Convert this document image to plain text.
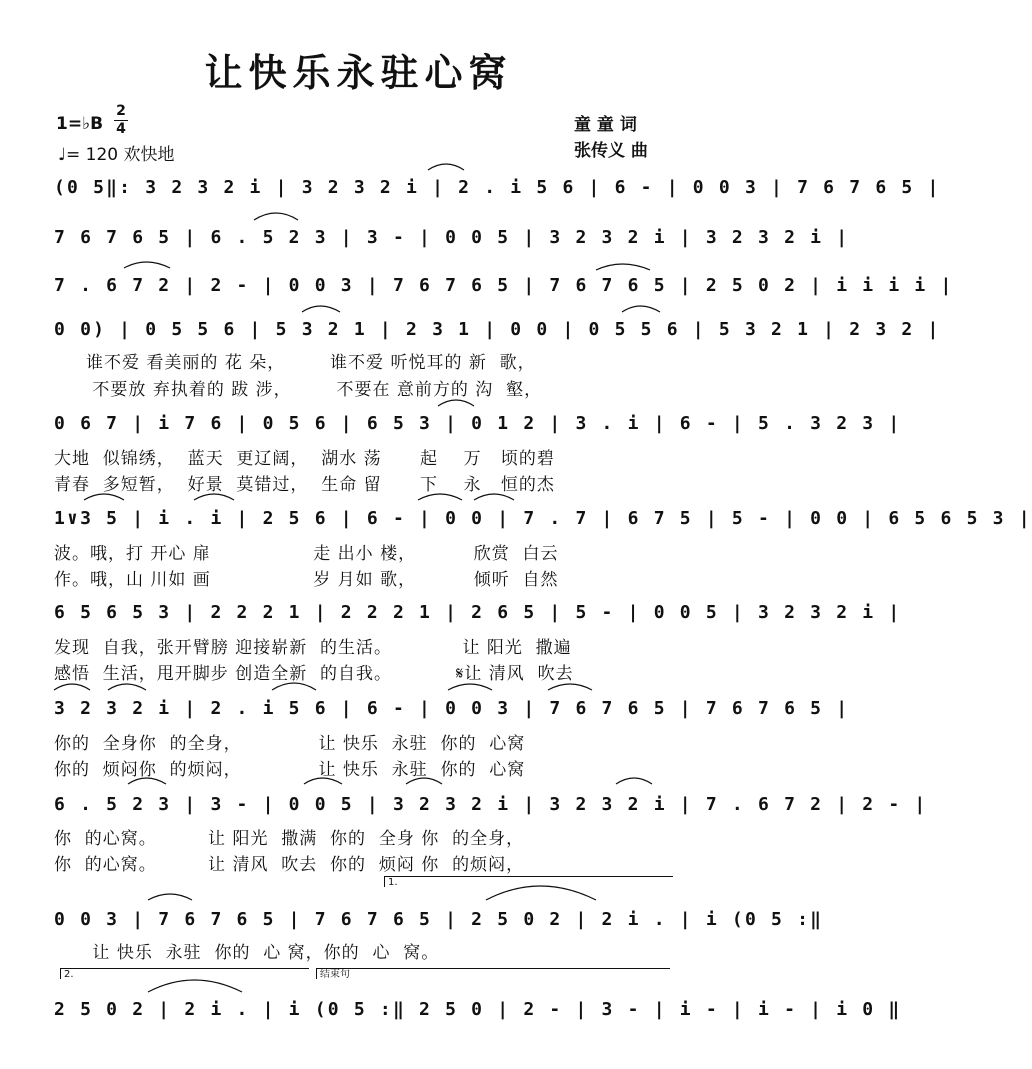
让快乐永驻心窝
1=♭B
2
4
♩= 120 欢快地
童 童 词
张传义 曲
(0 5‖: 3 2 3 2 i | 3 2 3 2 i | 2 . i 5 6 | 6 - | 0 0 3 | 7 6 7 6 5 |
7 6 7 6 5 | 6 . 5 2 3 | 3 - | 0 0 5 | 3 2 3 2 i | 3 2 3 2 i |
7 . 6 7 2 | 2 - | 0 0 3 | 7 6 7 6 5 | 7 6 7 6 5 | 2 5 0 2 | i i i i |
0 0) | 0 5 5 6 | 5 3 2 1 | 2 3 1 | 0 0 | 0 5 5 6 | 5 3 2 1 | 2 3 2 |
谁不爱 看美丽的 花 朵，       谁不爱 听悦耳的 新  歌，
不要放 弃执着的 跋 涉，       不要在 意前方的 沟  壑，
0 6 7 | i 7 6 | 0 5 6 | 6 5 3 | 0 1 2 | 3 . i | 6 - | 5 . 3 2 3 |
大地  似锦绣，  蓝天  更辽阔，  湖水 荡      起    万   顷的碧
青春  多短暂，  好景  莫错过，  生命 留      下    永   恒的杰
1∨3 5 | i . i | 2 5 6 | 6 - | 0 0 | 7 . 7 | 6 7 5 | 5 - | 0 0 | 6 5 6 5 3 |
波。哦，打 开心 扉                走 出小 楼，         欣赏  白云
作。哦，山 川如 画                岁 月如 歌，         倾听  自然
6 5 6 5 3 | 2 2 2 1 | 2 2 2 1 | 2 6 5 | 5 - | 0 0 5 | 3 2 3 2 i |
发现  自我，张开臂膀 迎接崭新  的生活。           让 阳光  撒遍
感悟  生活，甩开脚步 创造全新  的自我。          𝄋让 清风  吹去
3 2 3 2 i | 2 . i 5 6 | 6 - | 0 0 3 | 7 6 7 6 5 | 7 6 7 6 5 |
你的  全身你  的全身，            让 快乐  永驻  你的  心窝
你的  烦闷你  的烦闷，            让 快乐  永驻  你的  心窝
6 . 5 2 3 | 3 - | 0 0 5 | 3 2 3 2 i | 3 2 3 2 i | 7 . 6 7 2 | 2 - |
你  的心窝。        让 阳光  撒满  你的  全身 你  的全身，
你  的心窝。        让 清风  吹去  你的  烦闷 你  的烦闷，
1.
0 0 3 | 7 6 7 6 5 | 7 6 7 6 5 | 2 5 0 2 | 2 i . | i (0 5 :‖
让 快乐  永驻  你的  心 窝，你的  心  窝。
2.	结束句
2 5 0 2 | 2 i . | i (0 5 :‖ 2 5 0 | 2 - | 3 - | i - | i - | i 0 ‖
